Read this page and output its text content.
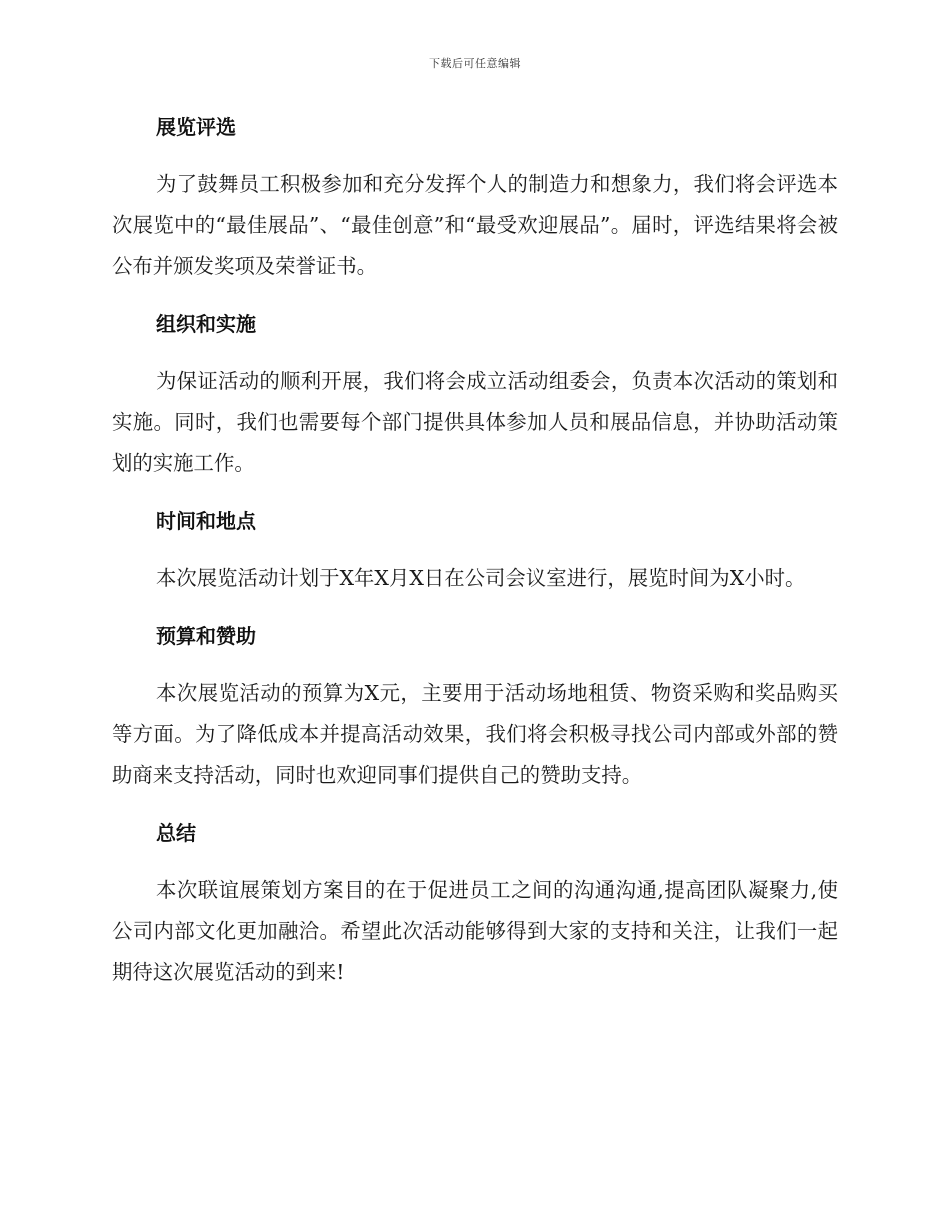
下载后可任意编辑
展览评选

为了鼓舞员工积极参加和充分发挥个人的制造力和想象力，我们将会评选本次展览中的“最佳展品”、“最佳创意”和“最受欢迎展品”。届时，评选结果将会被公布并颁发奖项及荣誉证书。

组织和实施

为保证活动的顺利开展，我们将会成立活动组委会，负责本次活动的策划和实施。同时，我们也需要每个部门提供具体参加人员和展品信息，并协助活动策划的实施工作。

时间和地点

本次展览活动计划于X年X月X日在公司会议室进行，展览时间为X小时。

预算和赞助

本次展览活动的预算为X元，主要用于活动场地租赁、物资采购和奖品购买等方面。为了降低成本并提高活动效果，我们将会积极寻找公司内部或外部的赞助商来支持活动，同时也欢迎同事们提供自己的赞助支持。

总结

本次联谊展策划方案目的在于促进员工之间的沟通沟通,提高团队凝聚力,使公司内部文化更加融洽。希望此次活动能够得到大家的支持和关注，让我们一起期待这次展览活动的到来!
